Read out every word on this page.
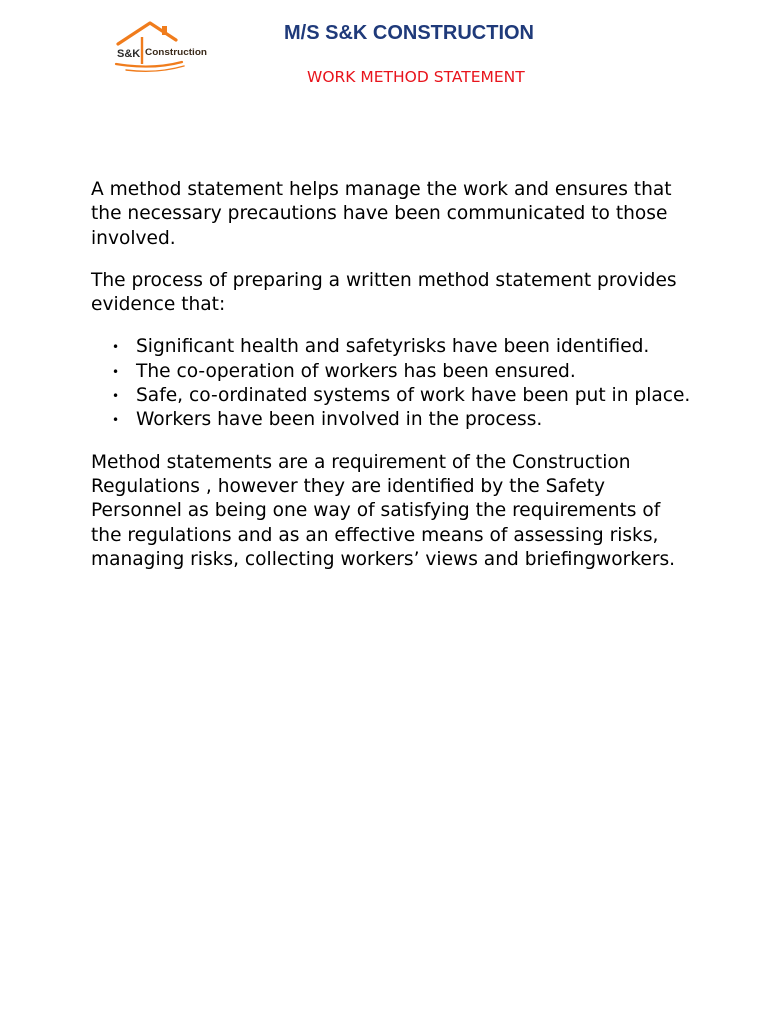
S&K Construction
M/S S&K CONSTRUCTION
WORK METHOD STATEMENT

A method statement helps manage the work and ensures that the necessary precautions have been communicated to those involved.

The process of preparing a written method statement provides evidence that:

• Significant health and safetyrisks have been identified.
• The co-operation of workers has been ensured.
• Safe, co-ordinated systems of work have been put in place.
• Workers have been involved in the process.

Method statements are a requirement of the Construction Regulations , however they are identified by the Safety Personnel as being one way of satisfying the requirements of the regulations and as an effective means of assessing risks, managing risks, collecting workers’ views and briefingworkers.
